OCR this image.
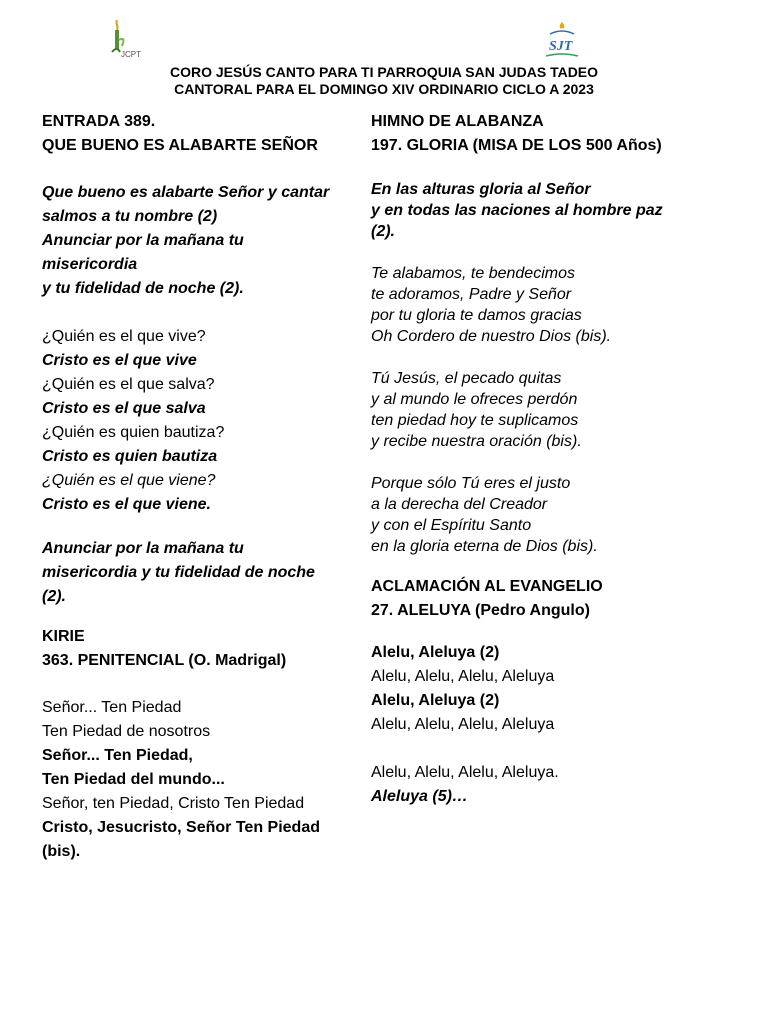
JCPT
SJT
CORO JESÚS CANTO PARA TI PARROQUIA SAN JUDAS TADEO
CANTORAL PARA EL DOMINGO XIV ORDINARIO CICLO A 2023

ENTRADA 389.

QUE BUENO ES ALABARTE SEÑOR

Que bueno es alabarte Señor y cantar

salmos a tu nombre (2)

Anunciar por la mañana tu

misericordia

y tu fidelidad de noche (2).

¿Quién es el que vive?

Cristo es el que vive

¿Quién es el que salva?

Cristo es el que salva

¿Quién es quien bautiza?

Cristo es quien bautiza

¿Quién es el que viene?

Cristo es el que viene.

Anunciar por la mañana tu

misericordia y tu fidelidad de noche

(2).

KIRIE

363. PENITENCIAL (O. Madrigal)

Señor... Ten Piedad

Ten Piedad de nosotros

Señor... Ten Piedad,

Ten Piedad del mundo...

Señor, ten Piedad, Cristo Ten Piedad

Cristo, Jesucristo, Señor Ten Piedad

(bis).

HIMNO DE ALABANZA

197. GLORIA (MISA DE LOS 500 Años)

En las alturas gloria al Señor

y en todas las naciones al hombre paz

(2).

Te alabamos, te bendecimos

te adoramos, Padre y Señor

por tu gloria te damos gracias

Oh Cordero de nuestro Dios (bis).

Tú Jesús, el pecado quitas

y al mundo le ofreces perdón

ten piedad hoy te suplicamos

y recibe nuestra oración (bis).

Porque sólo Tú eres el justo

a la derecha del Creador

y con el Espíritu Santo

en la gloria eterna de Dios (bis).

ACLAMACIÓN AL EVANGELIO

27. ALELUYA (Pedro Angulo)

Alelu, Aleluya (2)

Alelu, Alelu, Alelu, Aleluya

Alelu, Aleluya (2)

Alelu, Alelu, Alelu, Aleluya

Alelu, Alelu, Alelu, Aleluya.

Aleluya (5)…
